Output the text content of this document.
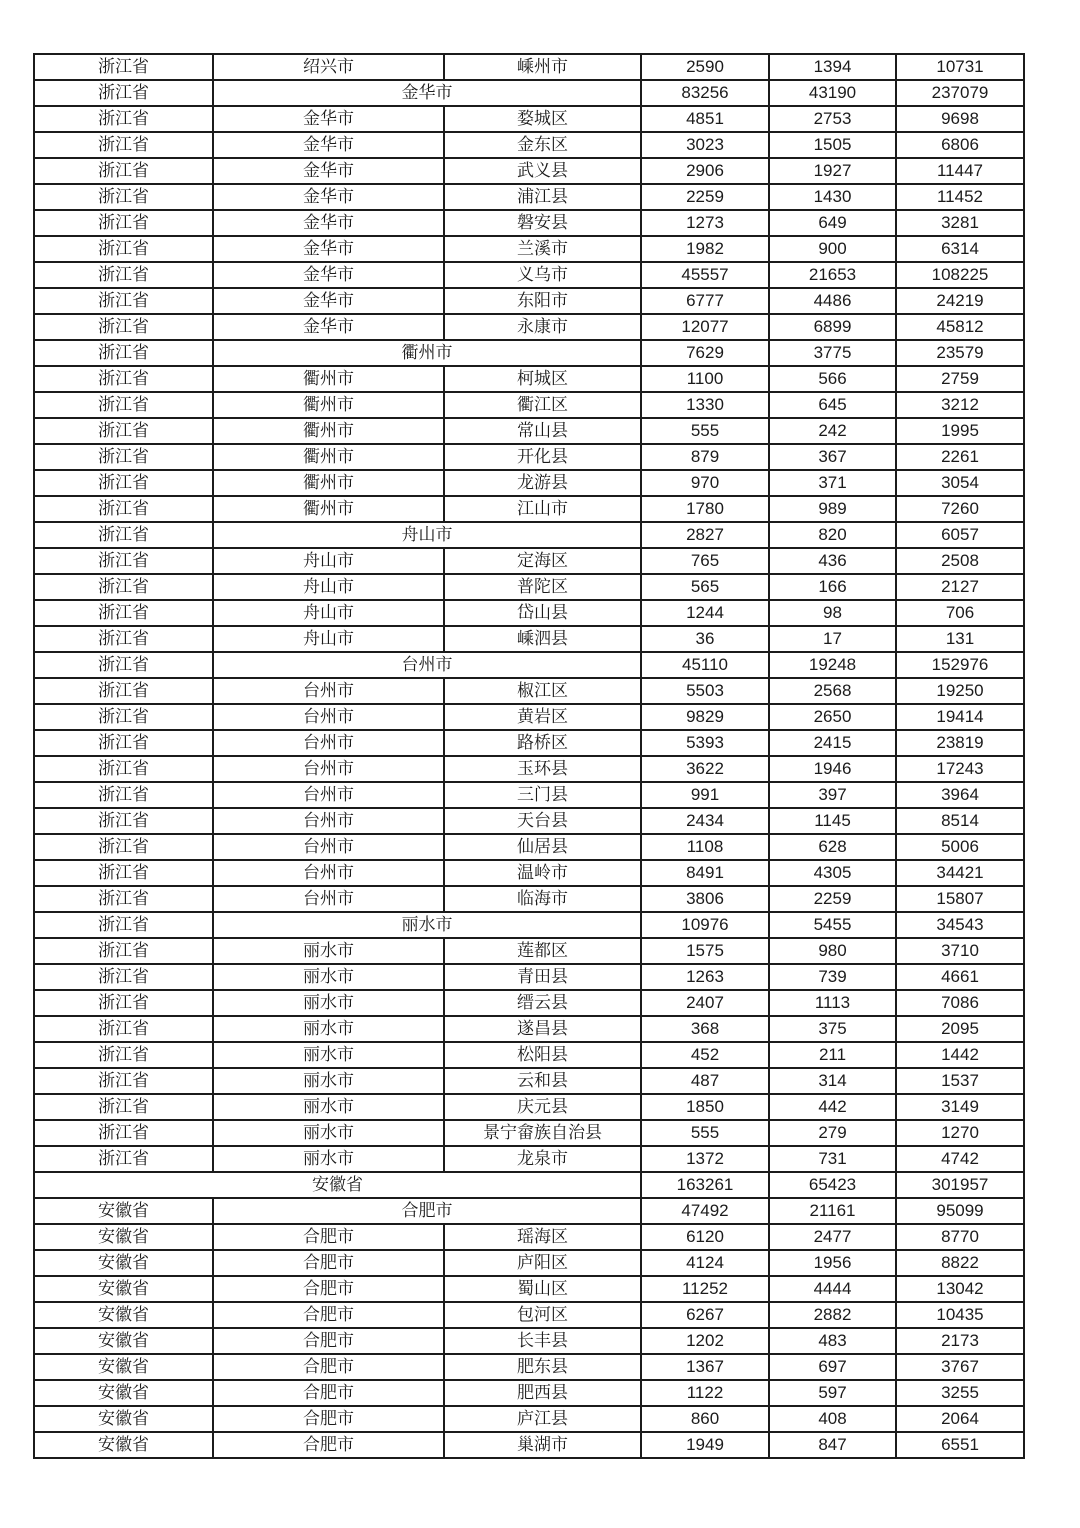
浙江省	绍兴市	嵊州市	2590	1394	10731
浙江省	金华市		83256	43190	237079
浙江省	金华市	婺城区	4851	2753	9698
浙江省	金华市	金东区	3023	1505	6806
浙江省	金华市	武义县	2906	1927	11447
浙江省	金华市	浦江县	2259	1430	11452
浙江省	金华市	磐安县	1273	649	3281
浙江省	金华市	兰溪市	1982	900	6314
浙江省	金华市	义乌市	45557	21653	108225
浙江省	金华市	东阳市	6777	4486	24219
浙江省	金华市	永康市	12077	6899	45812
浙江省	衢州市		7629	3775	23579
浙江省	衢州市	柯城区	1100	566	2759
浙江省	衢州市	衢江区	1330	645	3212
浙江省	衢州市	常山县	555	242	1995
浙江省	衢州市	开化县	879	367	2261
浙江省	衢州市	龙游县	970	371	3054
浙江省	衢州市	江山市	1780	989	7260
浙江省	舟山市		2827	820	6057
浙江省	舟山市	定海区	765	436	2508
浙江省	舟山市	普陀区	565	166	2127
浙江省	舟山市	岱山县	1244	98	706
浙江省	舟山市	嵊泗县	36	17	131
浙江省	台州市		45110	19248	152976
浙江省	台州市	椒江区	5503	2568	19250
浙江省	台州市	黄岩区	9829	2650	19414
浙江省	台州市	路桥区	5393	2415	23819
浙江省	台州市	玉环县	3622	1946	17243
浙江省	台州市	三门县	991	397	3964
浙江省	台州市	天台县	2434	1145	8514
浙江省	台州市	仙居县	1108	628	5006
浙江省	台州市	温岭市	8491	4305	34421
浙江省	台州市	临海市	3806	2259	15807
浙江省	丽水市		10976	5455	34543
浙江省	丽水市	莲都区	1575	980	3710
浙江省	丽水市	青田县	1263	739	4661
浙江省	丽水市	缙云县	2407	1113	7086
浙江省	丽水市	遂昌县	368	375	2095
浙江省	丽水市	松阳县	452	211	1442
浙江省	丽水市	云和县	487	314	1537
浙江省	丽水市	庆元县	1850	442	3149
浙江省	丽水市	景宁畲族自治县	555	279	1270
浙江省	丽水市	龙泉市	1372	731	4742
安徽省			163261	65423	301957
安徽省	合肥市		47492	21161	95099
安徽省	合肥市	瑶海区	6120	2477	8770
安徽省	合肥市	庐阳区	4124	1956	8822
安徽省	合肥市	蜀山区	11252	4444	13042
安徽省	合肥市	包河区	6267	2882	10435
安徽省	合肥市	长丰县	1202	483	2173
安徽省	合肥市	肥东县	1367	697	3767
安徽省	合肥市	肥西县	1122	597	3255
安徽省	合肥市	庐江县	860	408	2064
安徽省	合肥市	巢湖市	1949	847	6551
